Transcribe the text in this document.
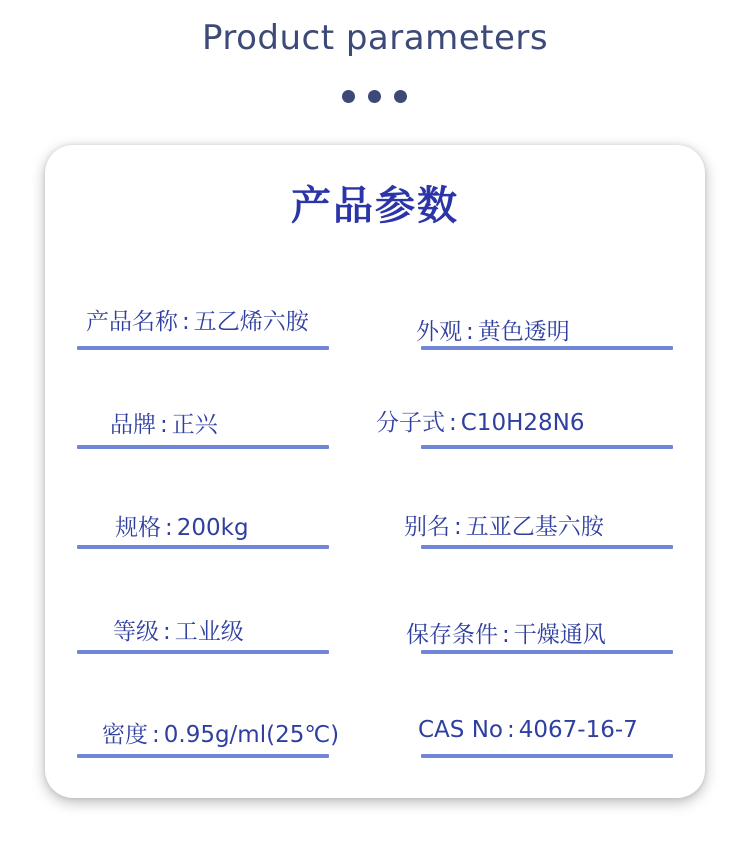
Product parameters
产品参数
产品名称 : 五乙烯六胺	外观 : 黄色透明
品牌 : 正兴	分子式 : C10H28N6
规格 : 200kg	别名 : 五亚乙基六胺
等级 : 工业级	保存条件 : 干燥通风
密度 : 0.95g/ml(25℃)	CAS No : 4067-16-7
